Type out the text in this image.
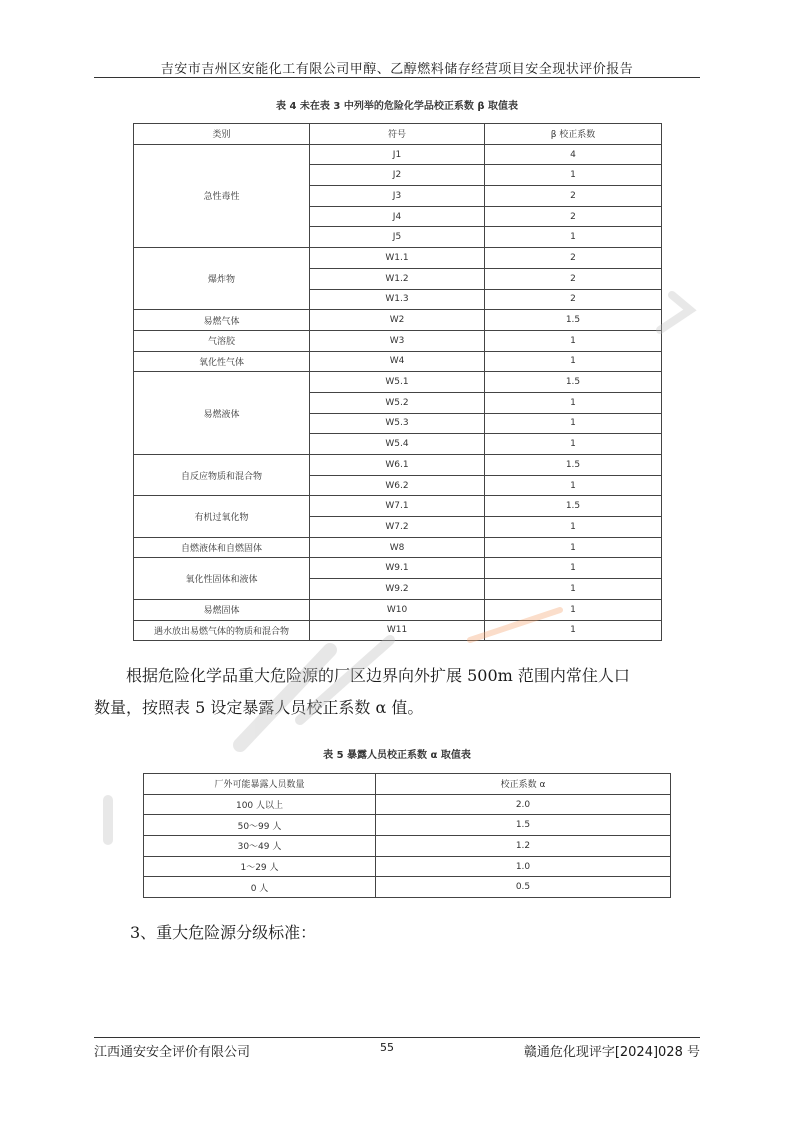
吉安市吉州区安能化工有限公司甲醇、乙醇燃料储存经营项目安全现状评价报告
表 4 未在表 3 中列举的危险化学品校正系数 β 取值表
类别	符号	β 校正系数
急性毒性	J1	4
	J2	1
	J3	2
	J4	2
	J5	1
爆炸物	W1.1	2
	W1.2	2
	W1.3	2
易燃气体	W2	1.5
气溶胶	W3	1
氧化性气体	W4	1
易燃液体	W5.1	1.5
	W5.2	1
	W5.3	1
	W5.4	1
自反应物质和混合物	W6.1	1.5
	W6.2	1
有机过氧化物	W7.1	1.5
	W7.2	1
自燃液体和自燃固体	W8	1
氧化性固体和液体	W9.1	1
	W9.2	1
易燃固体	W10	1
遇水放出易燃气体的物质和混合物	W11	1

根据危险化学品重大危险源的厂区边界向外扩展 500m 范围内常住人口

数量，按照表 5 设定暴露人员校正系数 α 值。

表 5 暴露人员校正系数 α 取值表
厂外可能暴露人员数量	校正系数 α
100 人以上	2.0
50～99 人	1.5
30～49 人	1.2
1～29 人	1.0
0 人	0.5
3、重大危险源分级标准：
江西通安安全评价有限公司	55	赣通危化现评字[2024]028 号
